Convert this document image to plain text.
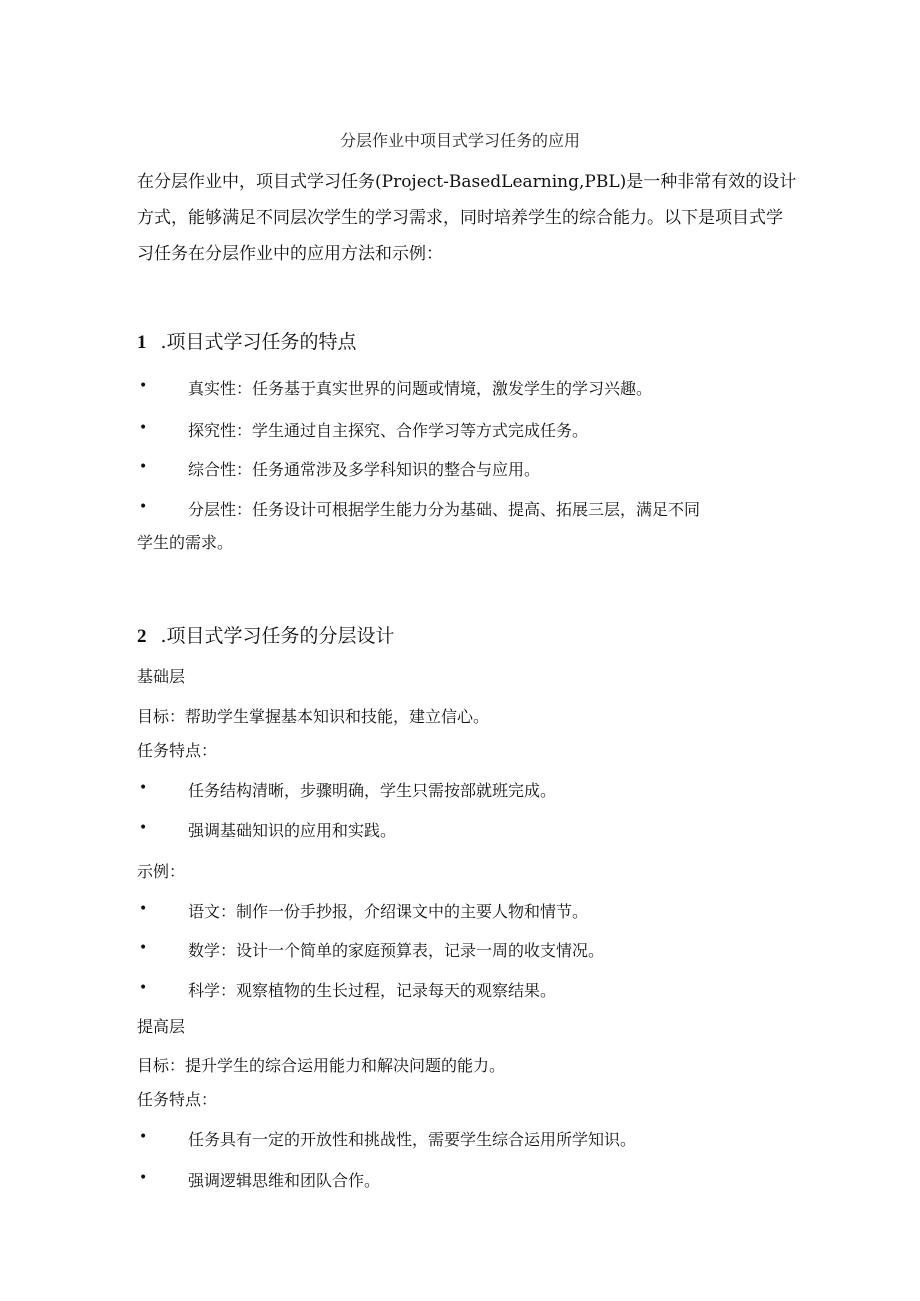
分层作业中项目式学习任务的应用
在分层作业中，项目式学习任务(Project-BasedLearning,PBL)是一种非常有效的设计
方式，能够满足不同层次学生的学习需求，同时培养学生的综合能力。以下是项目式学
习任务在分层作业中的应用方法和示例：
1 .项目式学习任务的特点
•	真实性：任务基于真实世界的问题或情境，激发学生的学习兴趣。
•	探究性：学生通过自主探究、合作学习等方式完成任务。
•	综合性：任务通常涉及多学科知识的整合与应用。
•	分层性：任务设计可根据学生能力分为基础、提高、拓展三层，满足不同
学生的需求。
2 .项目式学习任务的分层设计
基础层
目标：帮助学生掌握基本知识和技能，建立信心。
任务特点：
•	任务结构清晰，步骤明确，学生只需按部就班完成。
•	强调基础知识的应用和实践。
示例：
•	语文：制作一份手抄报，介绍课文中的主要人物和情节。
•	数学：设计一个简单的家庭预算表，记录一周的收支情况。
•	科学：观察植物的生长过程，记录每天的观察结果。
提高层
目标：提升学生的综合运用能力和解决问题的能力。
任务特点：
•	任务具有一定的开放性和挑战性，需要学生综合运用所学知识。
•	强调逻辑思维和团队合作。
